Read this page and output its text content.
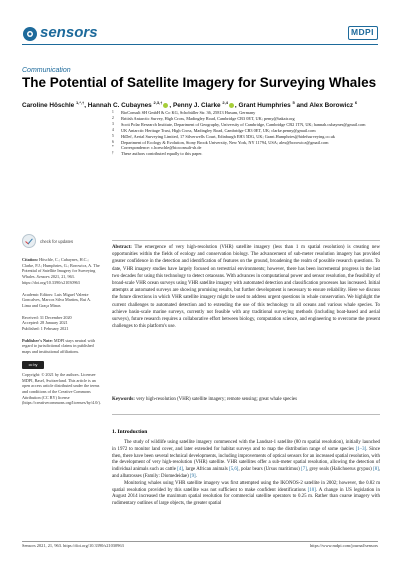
sensors	MDPI
Communication
The Potential of Satellite Imagery for Surveying Whales
Caroline Höschle $^{1,*,\dagger}$, Hannah C. Cubaynes $^{2,3,\dagger}$ , Penny J. Clarke $^{2,4}$ , Grant Humphries $^5$ and Alex Borowicz $^6$
1	BioConsult SH GmbH & Co KG, Schobüller Str. 36, 25813 Husum, Germany
2	British Antarctic Survey, High Cross, Madingley Road, Cambridge CB3 0ET, UK; pemy@bakair.org
3	Scott Polar Research Institute, Department of Geography, University of Cambridge, Cambridge CB2 1TN, UK; hannah.cubaynes@gmail.com
4	UK Antarctic Heritage Trust, High Cross, Madingley Road, Cambridge CB3 0ET, UK; clarke.penny@gmail.com
5	HiDef, Aerial Surveying Limited, 17 Silverwells Court, Edinburgh EH3 5DG, UK; Grant.Humphries@hidefsurveying.co.uk
6	Department of Ecology & Evolution, Stony Brook University, New York, NY 11794, USA; alex@borowicz@gmail.com
*	Correspondence: c.hoeschle@bioconsult-sh.de
†	These authors contributed equally to this paper.
check for updates
Citation: Höschle, C.; Cubaynes, H.C.; Clarke, P.J.; Humphries, G.; Borowicz, A. The Potential of Satellite Imagery for Surveying Whales. Sensors 2021, 21, 963. https://doi.org/10.3390/s21030963
Academic Editors: Luis Miguel Valente Goncalves, Marcos Silva Martins, Rui A. Lima and Graça Minas
Received: 31 December 2020
Accepted: 28 January 2021
Published: 1 February 2021
Publisher's Note: MDPI stays neutral with regard to jurisdictional claims in published maps and institutional affiliations.
cc by
Copyright: © 2021 by the authors. Licensee MDPI, Basel, Switzerland. This article is an open access article distributed under the terms and conditions of the Creative Commons Attribution (CC BY) license (https://creativecommons.org/licenses/by/4.0/).
Abstract: The emergence of very high-resolution (VHR) satellite imagery (less than 1 m spatial resolution) is creating new opportunities within the fields of ecology and conservation biology. The advancement of sub-meter resolution imagery has provided greater confidence in the detection and identification of features on the ground, broadening the realm of possible research questions. To date, VHR imagery studies have largely focused on terrestrial environments; however, there has been incremental progress in the last two decades for using this technology to detect cetaceans. With advances in computational power and sensor resolution, the feasibility of broad-scale VHR ocean surveys using VHR satellite imagery with automated detection and classification processes has increased. Initial attempts at automated surveys are showing promising results, but further development is necessary to ensure reliability. Here we discuss the future directions in which VHR satellite imagery might be used to address urgent questions in whale conservation. We highlight the current challenges to automated detection and to extending the use of this technology to all oceans and various whale species. To achieve basin-scale marine surveys, currently not feasible with any traditional surveying methods (including boat-based and aerial surveys), future research requires a collaborative effort between biology, computation science, and engineering to overcome the present challenges to this platform's use.
Keywords: very high-resolution (VHR) satellite imagery; remote sensing; great whale species
1. Introduction

The study of wildlife using satellite imagery commenced with the Landsat-1 satellite (80 m spatial resolution), initially launched in 1972 to monitor land cover, and later extended for habitat surveys and to map the distribution range of some species [1–3]. Since then, there have been several technical developments, including improvements of optical sensors for an increased spatial resolution, with the development of very high-resolution (VHR) satellite. VHR satellites offer a sub-meter spatial resolution, allowing the detection of individual animals such as cattle [4], large African animals [5,6], polar bears (Ursus maritimus) [7], grey seals (Halichoerus grypus) [8], and albatrosses (Family: Diomedeidae) [9].

Monitoring whales using VHR satellite imagery was first attempted using the IKONOS-2 satellite in 2002; however, the 0.82 m spatial resolution provided by this satellite was not sufficient to make confident identifications [10]. A change in US legislation in August 2014 increased the maximum spatial resolution for commercial satellite operators to 0.25 m. Rather than coarse imagery with rudimentary outlines of large objects, the greater spatial

Sensors 2021, 21, 963. https://doi.org/10.3390/s21030963	https://www.mdpi.com/journal/sensors
